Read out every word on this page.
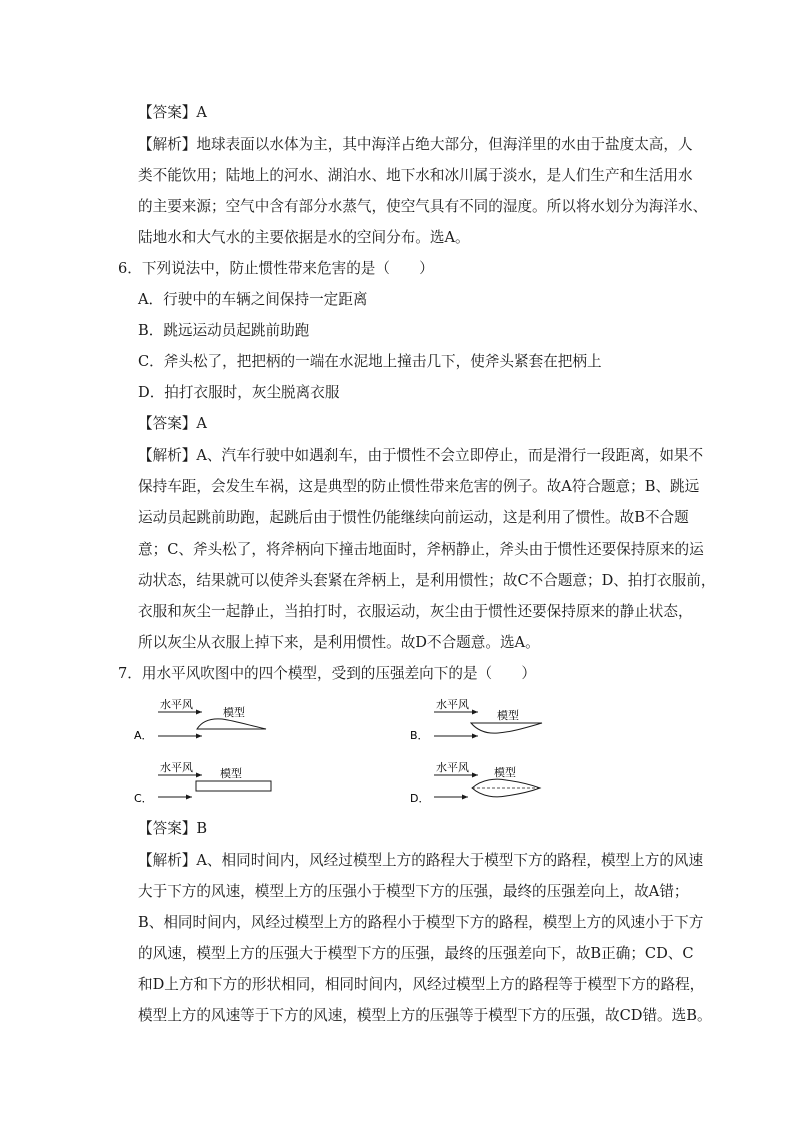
【答案】A
【解析】地球表面以水体为主，其中海洋占绝大部分，但海洋里的水由于盐度太高，人
类不能饮用；陆地上的河水、湖泊水、地下水和冰川属于淡水，是人们生产和生活用水
的主要来源；空气中含有部分水蒸气，使空气具有不同的湿度。所以将水划分为海洋水、
陆地水和大气水的主要依据是水的空间分布。选A。
6．下列说法中，防止惯性带来危害的是（　　）
A．行驶中的车辆之间保持一定距离
B．跳远运动员起跳前助跑
C．斧头松了，把把柄的一端在水泥地上撞击几下，使斧头紧套在把柄上
D．拍打衣服时，灰尘脱离衣服
【答案】A
【解析】A、汽车行驶中如遇刹车，由于惯性不会立即停止，而是滑行一段距离，如果不
保持车距，会发生车祸，这是典型的防止惯性带来危害的例子。故A符合题意；B、跳远
运动员起跳前助跑，起跳后由于惯性仍能继续向前运动，这是利用了惯性。故B不合题
意；C、斧头松了，将斧柄向下撞击地面时，斧柄静止，斧头由于惯性还要保持原来的运
动状态，结果就可以使斧头套紧在斧柄上，是利用惯性；故C不合题意；D、拍打衣服前，
衣服和灰尘一起静止，当拍打时，衣服运动，灰尘由于惯性还要保持原来的静止状态，
所以灰尘从衣服上掉下来，是利用惯性。故D不合题意。选A。
7．用水平风吹图中的四个模型，受到的压强差向下的是（　　）
A．
水平风
模型
B．
水平风
模型
C．
水平风 模型
D．
水平风 模型
【答案】B
【解析】A、相同时间内，风经过模型上方的路程大于模型下方的路程，模型上方的风速
大于下方的风速，模型上方的压强小于模型下方的压强，最终的压强差向上，故A错；
B、相同时间内，风经过模型上方的路程小于模型下方的路程，模型上方的风速小于下方
的风速，模型上方的压强大于模型下方的压强，最终的压强差向下，故B正确；CD、C
和D上方和下方的形状相同，相同时间内，风经过模型上方的路程等于模型下方的路程，
模型上方的风速等于下方的风速，模型上方的压强等于模型下方的压强，故CD错。选B。
